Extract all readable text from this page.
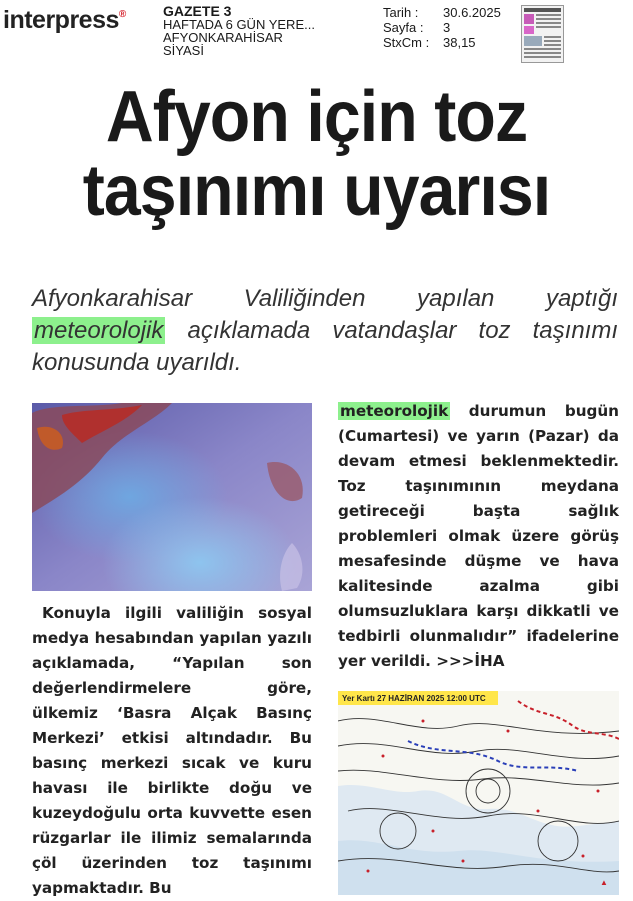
interpress®	GAZETE 3
HAFTADA 6 GÜN YERE...
AFYONKARAHİSAR
SİYASİ
Tarih :	30.6.2025
Sayfa :	3
StxCm :	38,15
Afyon için toz
taşınımı uyarısı
Afyonkarahisar Valiliğinden yapılan yaptığı meteorolojik açıklamada vatandaşlar toz taşınımı konusunda uyarıldı.

Konuyla ilgili valiliğin sosyal medya hesabından yapılan yazılı açıklamada, “Yapılan son değerlendirmelere göre, ülkemiz ‘Basra Alçak Basınç Merkezi’ etkisi altındadır. Bu basınç merkezi sıcak ve kuru havası ile birlikte doğu ve kuzeydoğulu orta kuvvette esen rüzgarlar ile ilimiz semalarında çöl üzerinden toz taşınımı yapmaktadır. Bu

meteorolojik durumun bugün (Cumartesi) ve yarın (Pazar) da devam etmesi beklenmektedir. Toz taşınımının meydana getireceği başta sağlık problemleri olmak üzere görüş mesafesinde düşme ve hava kalitesinde azalma gibi olumsuzluklara karşı dikkatli ve tedbirli olunmalıdır” ifadelerine yer verildi. >>>İHA

Yer Kartı 27 HAZİRAN 2025 12:00 UTC
▲
